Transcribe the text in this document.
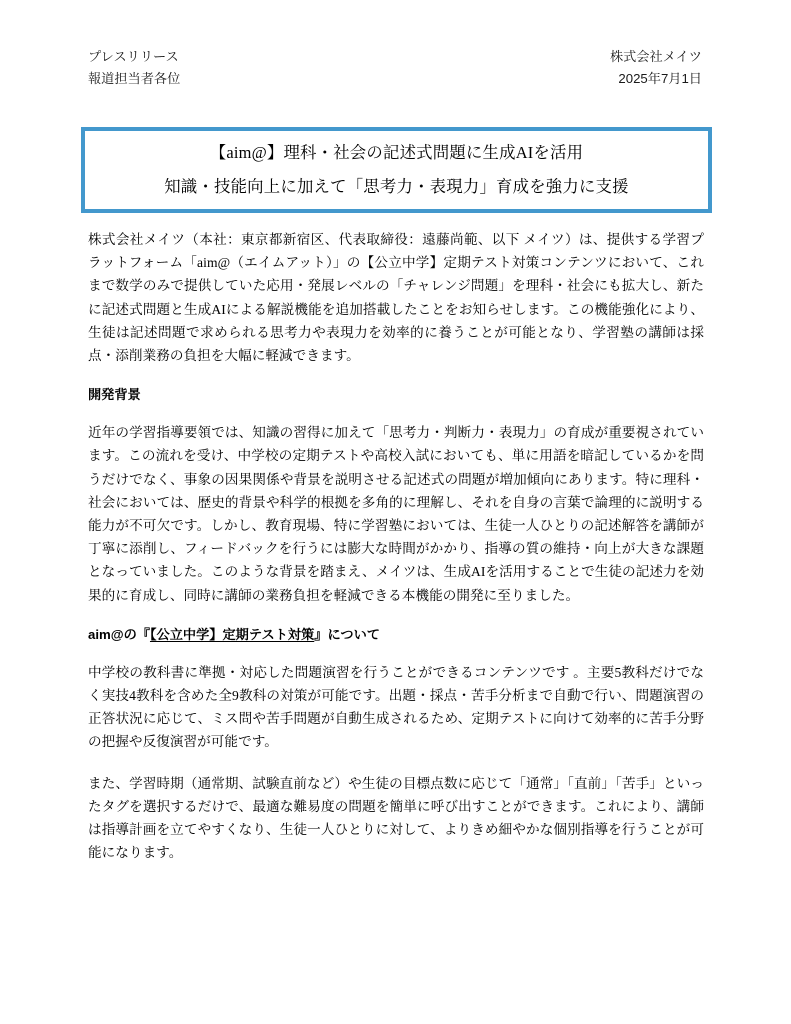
プレスリリース
報道担当者各位
株式会社メイツ
2025年7月1日
【aim@】理科・社会の記述式問題に生成AIを活用
知識・技能向上に加えて「思考力・表現力」育成を強力に支援

株式会社メイツ（本社：東京都新宿区、代表取締役：遠藤尚範、以下 メイツ）は、提供する学習プラットフォーム「aim@（エイムアット）」の【公立中学】定期テスト対策コンテンツにおいて、これまで数学のみで提供していた応用・発展レベルの「チャレンジ問題」を理科・社会にも拡大し、新たに記述式問題と生成AIによる解説機能を追加搭載したことをお知らせします。この機能強化により、生徒は記述問題で求められる思考力や表現力を効率的に養うことが可能となり、学習塾の講師は採点・添削業務の負担を大幅に軽減できます。

開発背景

近年の学習指導要領では、知識の習得に加えて「思考力・判断力・表現力」の育成が重要視されています。この流れを受け、中学校の定期テストや高校入試においても、単に用語を暗記しているかを問うだけでなく、事象の因果関係や背景を説明させる記述式の問題が増加傾向にあります。特に理科・社会においては、歴史的背景や科学的根拠を多角的に理解し、それを自身の言葉で論理的に説明する能力が不可欠です。しかし、教育現場、特に学習塾においては、生徒一人ひとりの記述解答を講師が丁寧に添削し、フィードバックを行うには膨大な時間がかかり、指導の質の維持・向上が大きな課題となっていました。このような背景を踏まえ、メイツは、生成AIを活用することで生徒の記述力を効果的に育成し、同時に講師の業務負担を軽減できる本機能の開発に至りました。

aim@の『【公立中学】定期テスト対策』について

中学校の教科書に準拠・対応した問題演習を行うことができるコンテンツです 。主要5教科だけでなく実技4教科を含めた全9教科の対策が可能です。出題・採点・苦手分析まで自動で行い、問題演習の正答状況に応じて、ミス問や苦手問題が自動生成されるため、定期テストに向けて効率的に苦手分野の把握や反復演習が可能です。

また、学習時期（通常期、試験直前など）や生徒の目標点数に応じて「通常」「直前」「苦手」といったタグを選択するだけで、最適な難易度の問題を簡単に呼び出すことができます。これにより、講師は指導計画を立てやすくなり、生徒一人ひとりに対して、よりきめ細やかな個別指導を行うことが可能になります。
